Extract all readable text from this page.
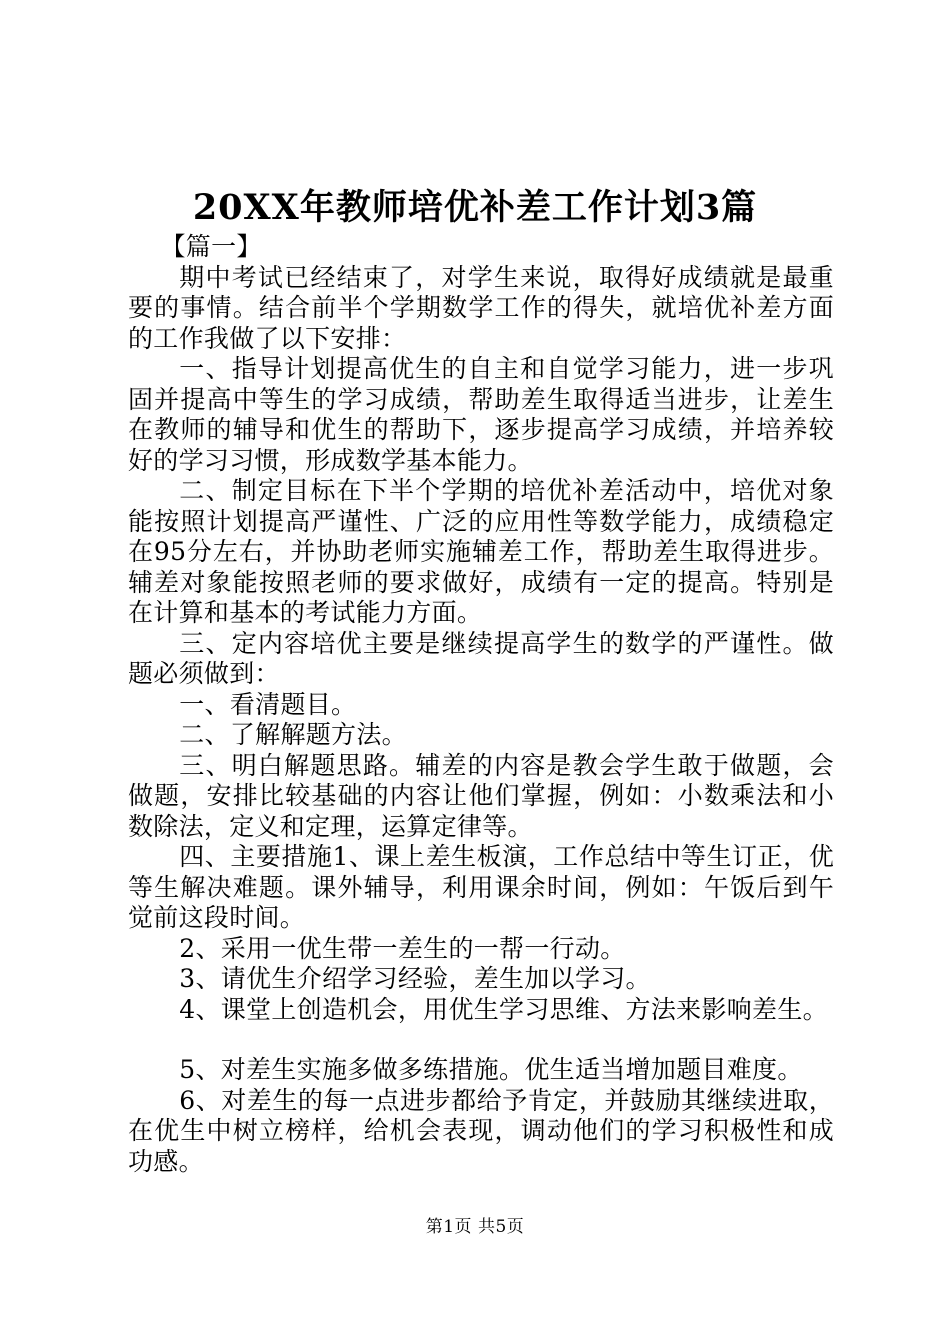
20XX年教师培优补差工作计划3篇

【篇一】

期中考试已经结束了，对学生来说，取得好成绩就是最重要的事情。结合前半个学期数学工作的得失，就培优补差方面的工作我做了以下安排：

一、指导计划提高优生的自主和自觉学习能力，进一步巩固并提高中等生的学习成绩，帮助差生取得适当进步，让差生在教师的辅导和优生的帮助下，逐步提高学习成绩，并培养较好的学习习惯，形成数学基本能力。

二、制定目标在下半个学期的培优补差活动中，培优对象能按照计划提高严谨性、广泛的应用性等数学能力，成绩稳定在95分左右，并协助老师实施辅差工作，帮助差生取得进步。辅差对象能按照老师的要求做好，成绩有一定的提高。特别是在计算和基本的考试能力方面。

三、定内容培优主要是继续提高学生的数学的严谨性。做题必须做到：

一、看清题目。

二、了解解题方法。

三、明白解题思路。辅差的内容是教会学生敢于做题，会做题，安排比较基础的内容让他们掌握，例如：小数乘法和小数除法，定义和定理，运算定律等。

四、主要措施1、课上差生板演，工作总结中等生订正，优等生解决难题。课外辅导，利用课余时间，例如：午饭后到午觉前这段时间。

2、采用一优生带一差生的一帮一行动。

3、请优生介绍学习经验，差生加以学习。

4、课堂上创造机会，用优生学习思维、方法来影响差生。

5、对差生实施多做多练措施。优生适当增加题目难度。

6、对差生的每一点进步都给予肯定，并鼓励其继续进取，在优生中树立榜样，给机会表现，调动他们的学习积极性和成功感。

第1页 共5页
